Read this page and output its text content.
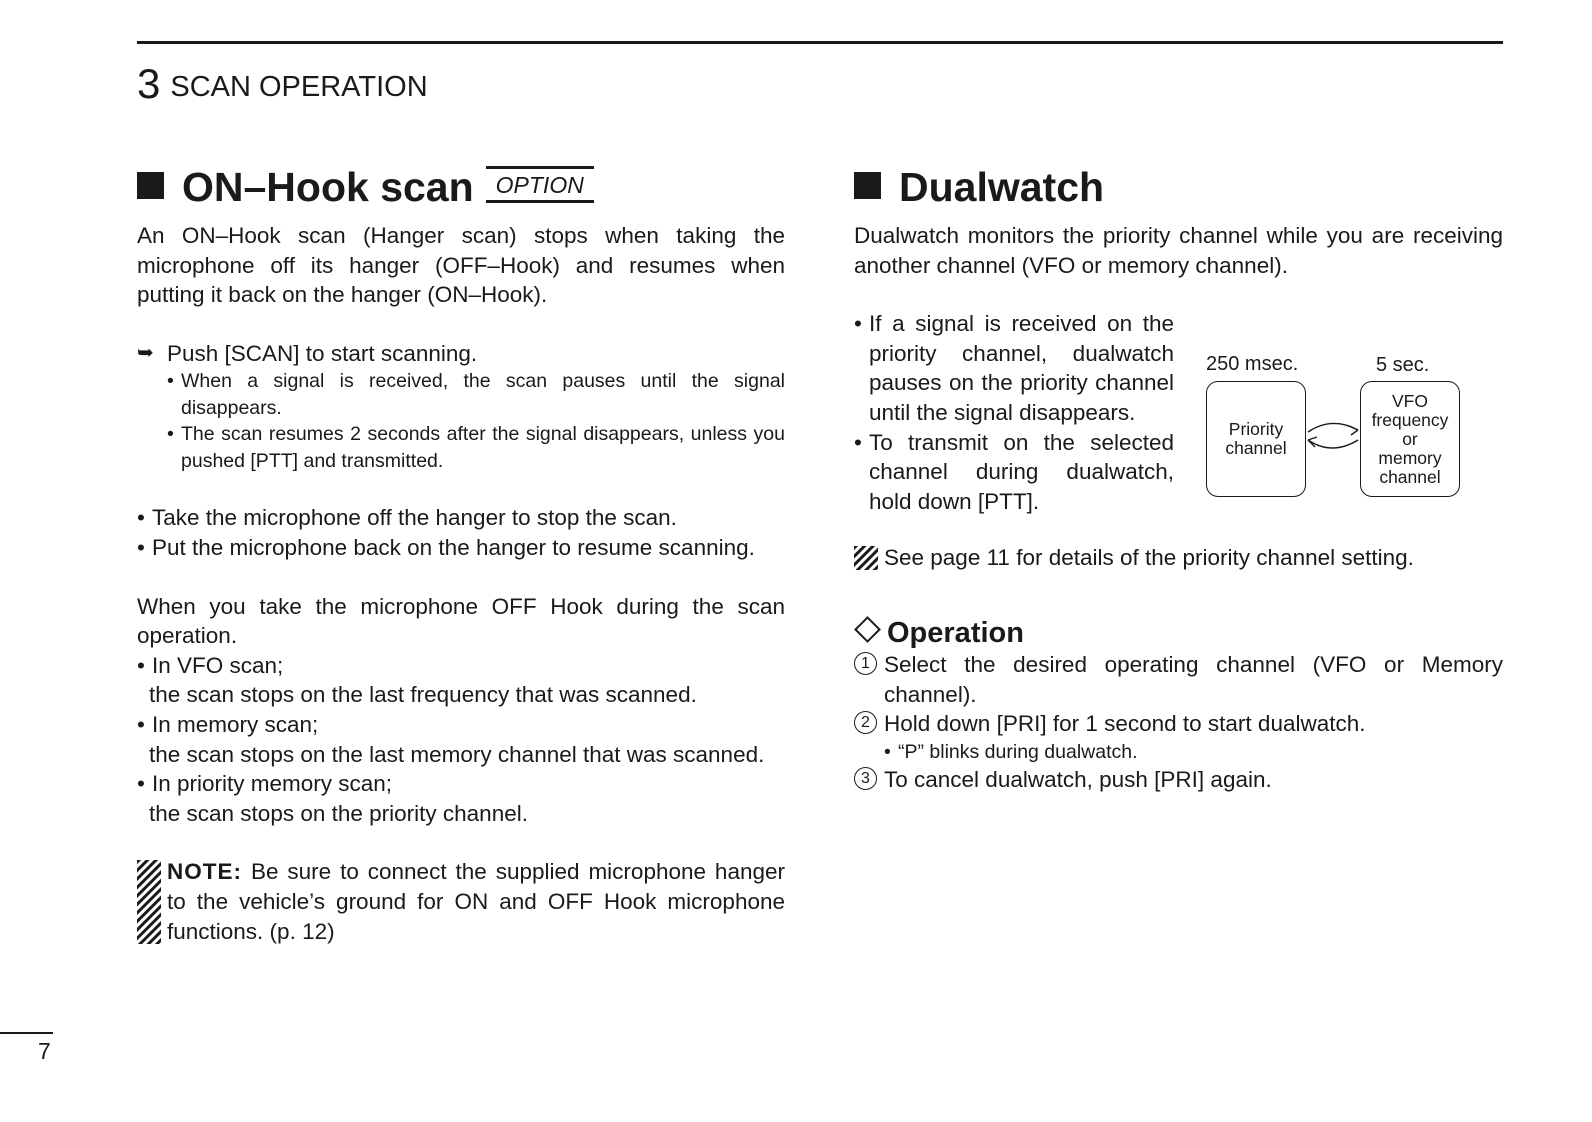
3 SCAN OPERATION
ON–Hook scan OPTION

An ON–Hook scan (Hanger scan) stops when taking the microphone off its hanger (OFF–Hook) and resumes when putting it back on the hanger (ON–Hook).

➥ Push [SCAN] to start scanning.
• When a signal is received, the scan pauses until the signal disappears.
• The scan resumes 2 seconds after the signal disappears, unless you pushed [PTT] and transmitted.
• Take the microphone off the hanger to stop the scan.
• Put the microphone back on the hanger to resume scanning.

When you take the microphone OFF Hook during the scan operation.

• In VFO scan;

the scan stops on the last frequency that was scanned.

• In memory scan;

the scan stops on the last memory channel that was scanned.

• In priority memory scan;

the scan stops on the priority channel.

NOTE: Be sure to connect the supplied microphone hanger to the vehicle’s ground for ON and OFF Hook microphone functions. (p. 12)
Dualwatch

Dualwatch monitors the priority channel while you are receiving another channel (VFO or memory channel).

• If a signal is received on the priority channel, dualwatch pauses on the priority channel until the signal disappears.
• To transmit on the selected channel during dualwatch, hold down [PTT].
250 msec.	5 sec.
Priority
channel
VFO
frequency
or
memory
channel
See page 11 for details of the priority channel setting.
Operation
1 Select the desired operating channel (VFO or Memory channel).
2 Hold down [PRI] for 1 second to start dualwatch.
• “P” blinks during dualwatch.
3 To cancel dualwatch, push [PRI] again.
7
